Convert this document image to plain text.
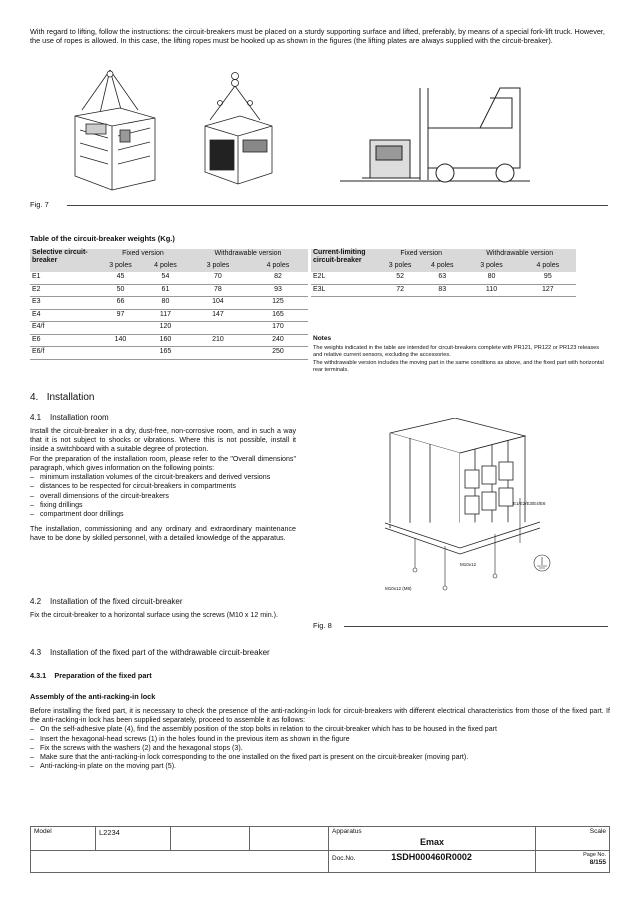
With regard to lifting, follow the instructions: the circuit-breakers must be placed on a sturdy supporting surface and lifted, preferably, by means of a special fork-lift truck. However, the use of ropes is allowed. In this case, the lifting ropes must be hooked up as shown in the figures (the lifting plates are always supplied with the circuit-breaker).
Fig. 7
Table of the circuit-breaker weights (Kg.)
Selective circuit-breaker	Fixed version		Withdrawable version	
	3 poles	4 poles	3 poles	4 poles
E1	45	54	70	82
E2	50	61	78	93
E3	66	80	104	125
E4	97	117	147	165
E4/f		120		170
E6	140	160	210	240
E6/f		165		250
Current-limiting circuit-breaker	Fixed version		Withdrawable version	
	3 poles	4 poles	3 poles	4 poles
E2L	52	63	80	95
E3L	72	83	110	127
Notes
The weights indicated in the table are intended for circuit-breakers complete with PR121, PR122 or PR123 releases and relative current sensors, excluding the accessories.
The withdrawable version includes the moving part in the same conditions as above, and the fixed part with horizontal rear terminals.
4. Installation
4.1 Installation room

Install the circuit-breaker in a dry, dust-free, non-corrosive room, and in such a way that it is not subject to shocks or vibrations. Where this is not possible, install it inside a switchboard with a suitable degree of protection.

For the preparation of the installation room, please refer to the "Overall dimensions" paragraph, which gives information on the following points:

– minimum installation volumes of the circuit-breakers and derived versions
– distances to be respected for circuit-breakers in compartments
– overall dimensions of the circuit-breakers
– fixing drillings
– compartment door drillings

The installation, commissioning and any ordinary and extraordinary maintenance have to be done by skilled personnel, with a detailed knowledge of the apparatus.

4.2 Installation of the fixed circuit-breaker
Fix the circuit-breaker to a horizontal surface using the screws (M10 x 12 min.).
E1/E2/E3/E4/E6
M10x12
M10x12 (M8)
Fig. 8
4.3 Installation of the fixed part of the withdrawable circuit-breaker
4.3.1 Preparation of the fixed part
Assembly of the anti-racking-in lock

Before installing the fixed part, it is necessary to check the presence of the anti-racking-in lock for circuit-breakers with different electrical characteristics from those of the fixed part. If the anti-racking-in lock has been supplied separately, proceed to assemble it as follows:

– On the self-adhesive plate (4), find the assembly position of the stop bolts in relation to the circuit-breaker which has to be housed in the fixed part
– Insert the hexagonal-head screws (1) in the holes found in the previous item as shown in the figure
– Fix the screws with the washers (2) and the hexagonal stops (3).
– Make sure that the anti-racking-in lock corresponding to the one installed on the fixed part is present on the circuit-breaker (moving part).
– Anti-racking-in plate on the moving part (5).
Model	L2234			Apparatus
Emax	Scale
				Doc.No. 1SDH000460R0002	Page No.
8/155
